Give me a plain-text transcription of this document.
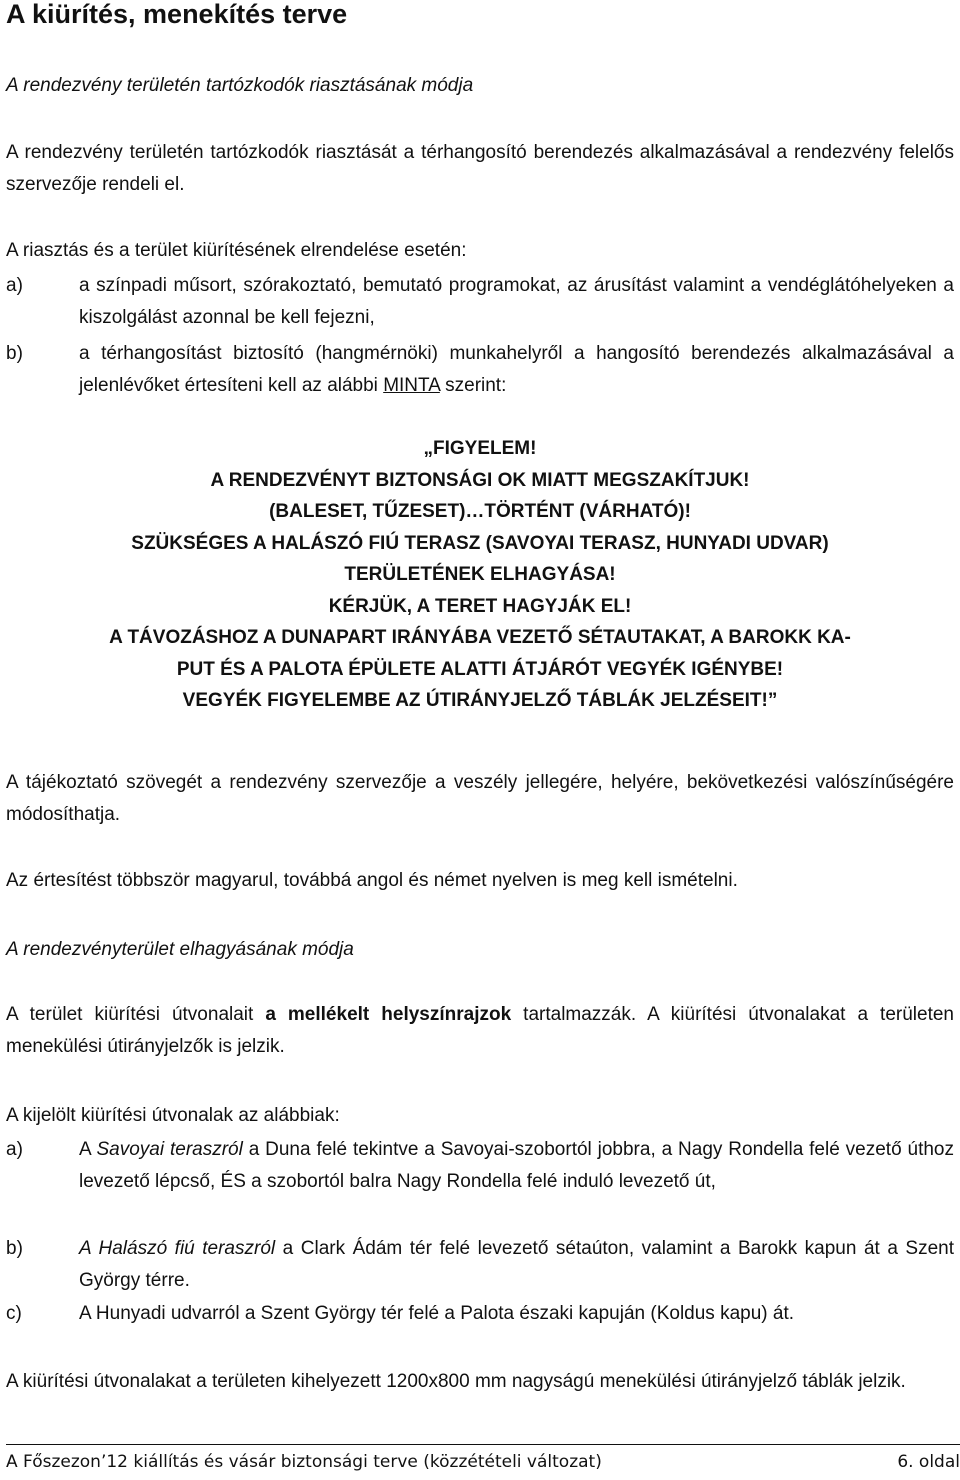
A kiürítés, menekítés terve
A rendezvény területén tartózkodók riasztásának módja
A rendezvény területén tartózkodók riasztását a térhangosító berendezés alkalmazásával a rendezvény felelős szervezője rendeli el.
A riasztás és a terület kiürítésének elrendelése esetén:
a)	a színpadi műsort, szórakoztató, bemutató programokat, az árusítást valamint a vendéglátóhelyeken a kiszolgálást azonnal be kell fejezni,
b)	a térhangosítást biztosító (hangmérnöki) munkahelyről a hangosító berendezés alkalmazásával a jelenlévőket értesíteni kell az alábbi MINTA szerint:
„FIGYELEM!
A RENDEZVÉNYT BIZTONSÁGI OK MIATT MEGSZAKÍTJUK!
(BALESET, TŰZESET)…TÖRTÉNT (VÁRHATÓ)!
SZÜKSÉGES A HALÁSZÓ FIÚ TERASZ (SAVOYAI TERASZ, HUNYADI UDVAR)
TERÜLETÉNEK ELHAGYÁSA!
KÉRJÜK, A TERET HAGYJÁK EL!
A TÁVOZÁSHOZ A DUNAPART IRÁNYÁBA VEZETŐ SÉTAUTAKAT, A BAROKK KA-
PUT ÉS A PALOTA ÉPÜLETE ALATTI ÁTJÁRÓT VEGYÉK IGÉNYBE!
VEGYÉK FIGYELEMBE AZ ÚTIRÁNYJELZŐ TÁBLÁK JELZÉSEIT!”
A tájékoztató szövegét a rendezvény szervezője a veszély jellegére, helyére, bekövetkezési valószínűségére módosíthatja.
Az értesítést többször magyarul, továbbá angol és német nyelven is meg kell ismételni.
A rendezvényterület elhagyásának módja
A terület kiürítési útvonalait a mellékelt helyszínrajzok tartalmazzák. A kiürítési útvonalakat a területen menekülési útirányjelzők is jelzik.
A kijelölt kiürítési útvonalak az alábbiak:
a)	A Savoyai teraszról a Duna felé tekintve a Savoyai-szobortól jobbra, a Nagy Rondella felé vezető úthoz levezető lépcső, ÉS a szobortól balra Nagy Rondella felé induló levezető út,
b)	A Halászó fiú teraszról a Clark Ádám tér felé levezető sétaúton, valamint a Barokk kapun át a Szent György térre.
c)	A Hunyadi udvarról a Szent György tér felé a Palota északi kapuján (Koldus kapu) át.
A kiürítési útvonalakat a területen kihelyezett 1200x800 mm nagyságú menekülési útirányjelző táblák jelzik.
A Főszezon’12 kiállítás és vásár biztonsági terve (közzétételi változat)	6. oldal
